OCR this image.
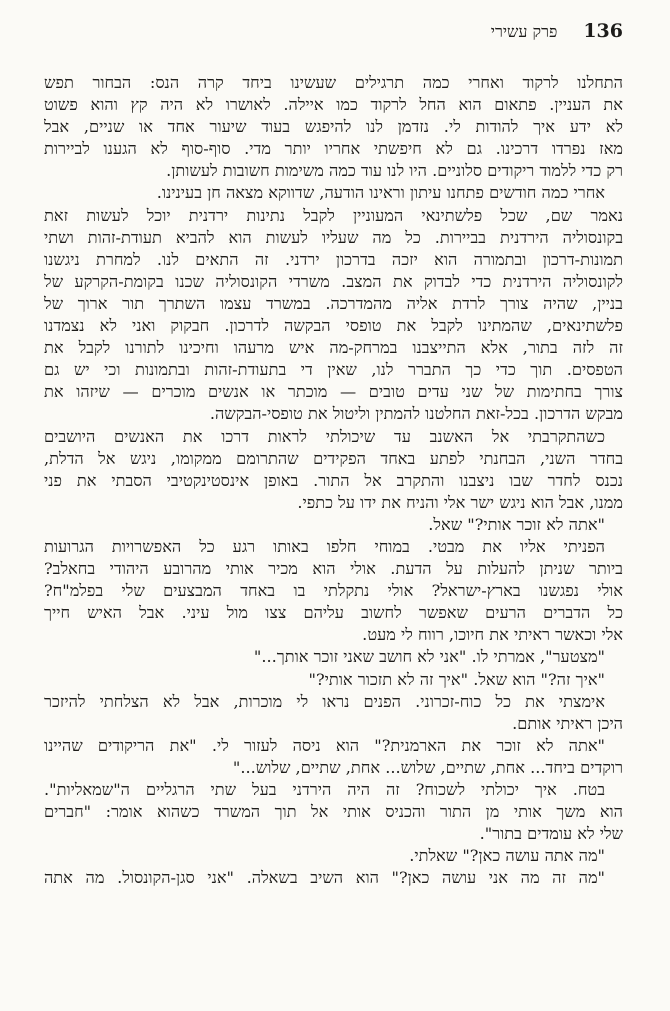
136
פרק עשירי
התחלנו לרקוד ואחרי כמה תרגילים שעשינו ביחד קרה הנס: הבחור תפש
את העניין. פתאום הוא החל לרקוד כמו איילה. לאושרו לא היה קץ והוא פשוט
לא ידע איך להודות לי. נזדמן לנו להיפגש בעוד שיעור אחד או שניים, אבל
מאז נפרדו דרכינו. גם לא חיפשתי אחריו יותר מדי. סוף-סוף לא הגענו לביירות
רק כדי ללמוד ריקודים סלוניים. היו לנו עוד כמה משימות חשובות לעשותן.
אחרי כמה חודשים פתחנו עיתון וראינו הודעה, שדווקא מצאה חן בעינינו.
נאמר שם, שכל פלשתינאי המעוניין לקבל נתינות ירדנית יוכל לעשות זאת
בקונסוליה הירדנית בביירות. כל מה שעליו לעשות הוא להביא תעודת-זהות ושתי
תמונות-דרכון ובתמורה הוא יזכה בדרכון ירדני. זה התאים לנו. למחרת ניגשנו
לקונסוליה הירדנית כדי לבדוק את המצב. משרדי הקונסוליה שכנו בקומת-הקרקע של
בניין, שהיה צורך לרדת אליה מהמדרכה. במשרד עצמו השתרך תור ארוך של
פלשתינאים, שהמתינו לקבל את טופסי הבקשה לדרכון. חבקוק ואני לא נצמדנו
זה לזה בתור, אלא התייצבנו במרחק-מה איש מרעהו וחיכינו לתורנו לקבל את
הטפסים. תוך כדי כך התברר לנו, שאין די בתעודת-זהות ובתמונות וכי יש גם
צורך בחתימות של שני עדים טובים — מוכתר או אנשים מוכרים — שיזהו את
מבקש הדרכון. בכל-זאת החלטנו להמתין וליטול את טופסי-הבקשה.
כשהתקרבתי אל האשנב עד שיכולתי לראות דרכו את האנשים היושבים
בחדר השני, הבחנתי לפתע באחד הפקידים שהתרומם ממקומו, ניגש אל הדלת,
נכנס לחדר שבו ניצבנו והתקרב אל התור. באופן אינסטינקטיבי הסבתי את פני
ממנו, אבל הוא ניגש ישר אלי והניח את ידו על כתפי.
"אתה לא זוכר אותי?" שאל.
הפניתי אליו את מבטי. במוחי חלפו באותו רגע כל האפשרויות הגרועות
ביותר שניתן להעלות על הדעת. אולי הוא מכיר אותי מהרובע היהודי בחאלב?
אולי נפגשנו בארץ-ישראל? אולי נתקלתי בו באחד המבצעים שלי בפלמ"ח?
כל הדברים הרעים שאפשר לחשוב עליהם צצו מול עיני. אבל האיש חייך
אלי וכאשר ראיתי את חיוכו, רווח לי מעט.
"מצטער", אמרתי לו. "אני לא חושב שאני זוכר אותך..."
"איך זה?" הוא שאל. "איך זה לא תזכור אותי?"
אימצתי את כל כוח-זכרוני. הפנים נראו לי מוכרות, אבל לא הצלחתי להיזכר
היכן ראיתי אותם.
"אתה לא זוכר את הארמנית?" הוא ניסה לעזור לי. "את הריקודים שהיינו
רוקדים ביחד... אחת, שתיים, שלוש... אחת, שתיים, שלוש..."
בטח. איך יכולתי לשכוח? זה היה הירדני בעל שתי הרגליים ה"שמאליות".
הוא משך אותי מן התור והכניס אותי אל תוך המשרד כשהוא אומר: "חברים
שלי לא עומדים בתור".
"מה אתה עושה כאן?" שאלתי.
"מה זה מה אני עושה כאן?" הוא השיב בשאלה. "אני סגן-הקונסול. מה אתה
